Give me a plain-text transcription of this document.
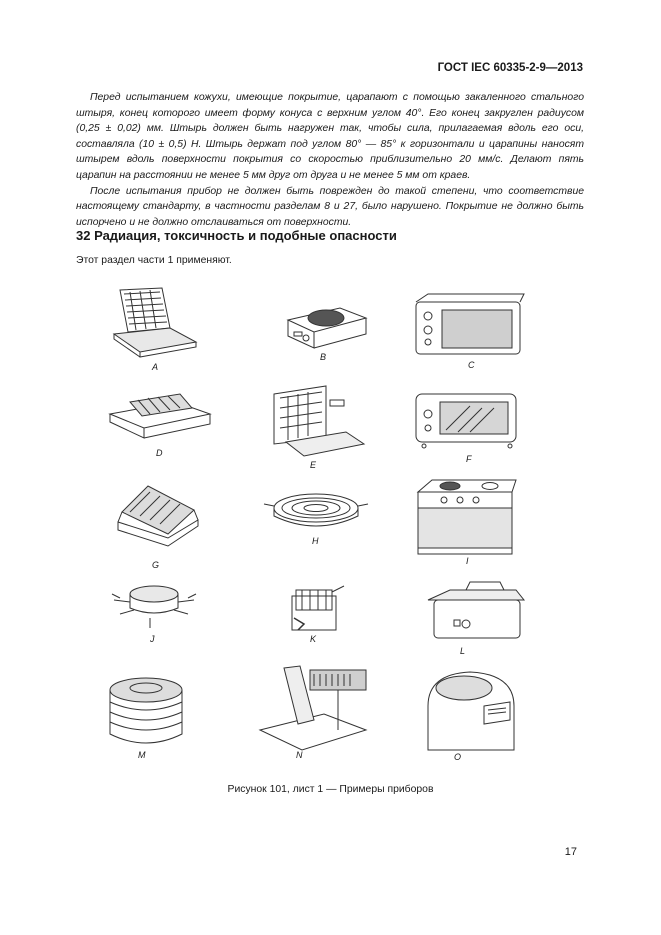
ГОСТ IEC 60335-2-9—2013

Перед испытанием кожухи, имеющие покрытие, царапают с помощью закаленного стального штыря, конец которого имеет форму конуса с верхним углом 40°. Его конец закруглен радиусом (0,25 ± 0,02) мм. Штырь должен быть нагружен так, чтобы сила, прилагаемая вдоль его оси, составляла (10 ± 0,5) Н. Штырь держат под углом 80° — 85° к горизонтали и царапины наносят штырем вдоль поверхности покрытия со скоростью приблизительно 20 мм/с. Делают пять царапин на расстоянии не менее 5 мм друг от друга и не менее 5 мм от краев.

После испытания прибор не должен быть поврежден до такой степени, что соответствие настоящему стандарту, в частности разделам 8 и 27, было нарушено. Покрытие не должно быть испорчено и не должно отслаиваться от поверхности.

32 Радиация, токсичность и подобные опасности
Этот раздел части 1 применяют.
A
B
C
D
E
F
G
H
I
J	K
L
M	N	O
Рисунок 101, лист 1 — Примеры приборов
17
